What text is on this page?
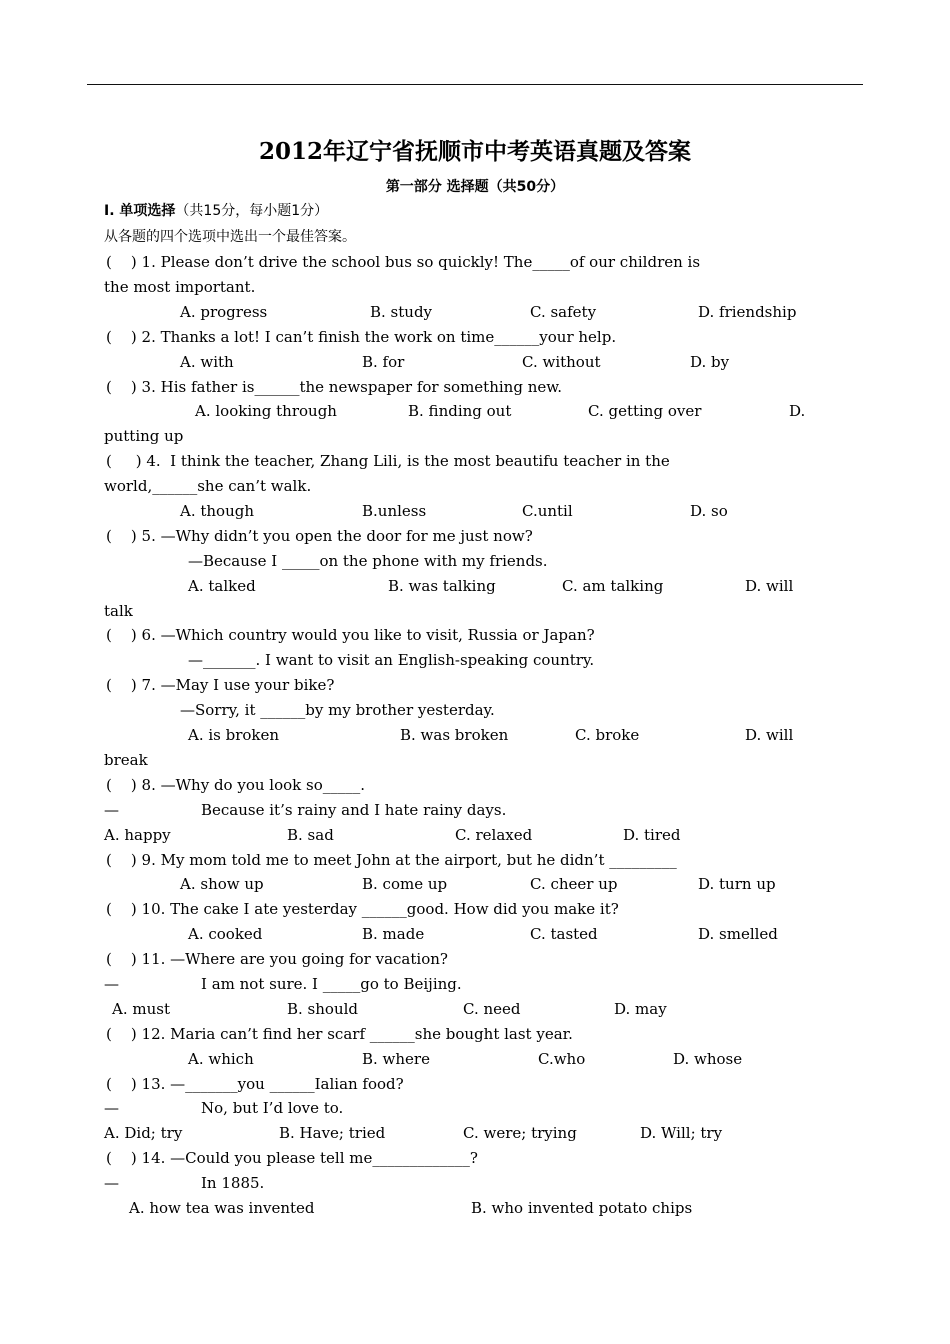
2012年辽宁省抚顺市中考英语真题及答案
第一部分 选择题（共50分）
Ⅰ. 单项选择（共15分，每小题1分）
从各题的四个选项中选出一个最佳答案。
(    ) 1. Please don’t drive the school bus so quickly! The_____of our children is
the most important.
A. progress	B. study	C. safety	D. friendship
(    ) 2. Thanks a lot! I can’t finish the work on time______your help.
A. with	B. for	C. without	D. by
(    ) 3. His father is______the newspaper for something new.
A. looking through	B. finding out	C. getting over	D.
putting up
(     ) 4.  I think the teacher, Zhang Lili, is the most beautifu teacher in the
world,______she can’t walk.
A. though	B.unless	C.until	D. so
(    ) 5. —Why didn’t you open the door for me just now?
—Because I _____on the phone with my friends.
A. talked	B. was talking	C. am talking	D. will
talk
(    ) 6. —Which country would you like to visit, Russia or Japan?
—_______. I want to visit an English-speaking country.
(    ) 7. —May I use your bike?
—Sorry, it ______by my brother yesterday.
A. is broken	B. was broken	C. broke	D. will
break
(    ) 8. —Why do you look so_____.
—	Because it’s rainy and I hate rainy days.
A. happy	B. sad	C. relaxed	D. tired
(    ) 9. My mom told me to meet John at the airport, but he didn’t _________
A. show up	B. come up	C. cheer up	D. turn up
(    ) 10. The cake I ate yesterday ______good. How did you make it?
A. cooked	B. made	C. tasted	D. smelled
(    ) 11. —Where are you going for vacation?
—	I am not sure. I _____go to Beijing.
A. must	B. should	C. need	D. may
(    ) 12. Maria can’t find her scarf ______she bought last year.
A. which	B. where	C.who	D. whose
(    ) 13. —_______you ______Ialian food?
—	No, but I’d love to.
A. Did; try	B. Have; tried	C. were; trying	D. Will; try
(    ) 14. —Could you please tell me_____________?
—	In 1885.
A. how tea was invented	B. who invented potato chips
